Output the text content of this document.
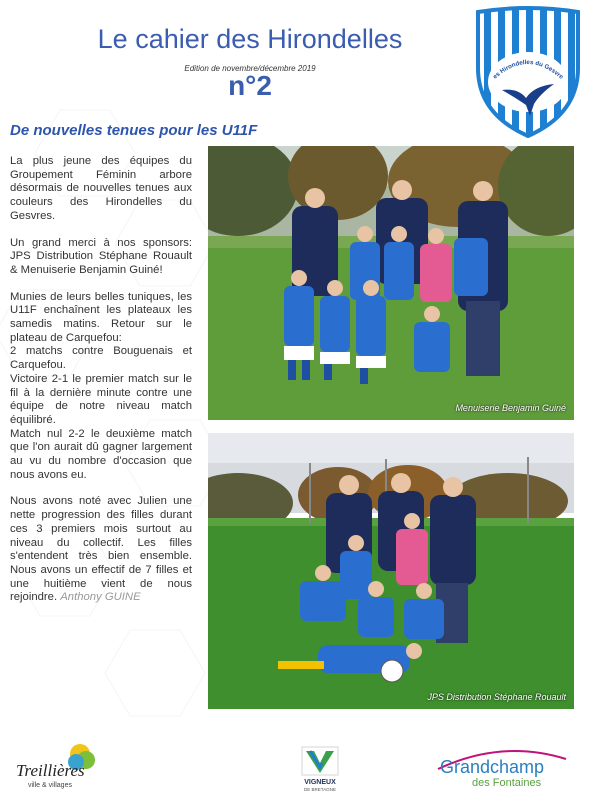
Le cahier des Hirondelles
Edition de novembre/décembre 2019
n°2	es Hirondelles du Gesvre
De nouvelles tenues pour les U11F

La plus jeune des équipes du Groupement Féminin arbore désormais de nouvelles tenues aux couleurs des Hirondelles du Gesvres.

Un grand merci à nos sponsors: JPS Distribution Stéphane Rouault & Menuiserie Benjamin Guiné!

Munies de leurs belles tuniques, les U11F enchaînent les plateaux les samedis matins. Retour sur le plateau de Carquefou:

2 matchs contre Bouguenais et Carquefou.

Victoire 2-1 le premier match sur le fil à la dernière minute contre une équipe de notre niveau match équilibré.

Match nul 2-2 le deuxième match que l'on aurait dû gagner largement au vu du nombre d'occasion que nous avons eu.

Nous avons noté avec Julien une nette progression des filles durant ces 3 premiers mois surtout au niveau du collectif. Les filles s'entendent très bien ensemble. Nous avons un effectif de 7 filles et une huitième vient de nous rejoindre. Anthony GUINE

Menuiserie Benjamin Guiné
JPS Distribution Stéphane Rouault
Treillières
ville & villages	VIGNEUX
DE BRETAGNE
Grandchamp
des Fontaines
